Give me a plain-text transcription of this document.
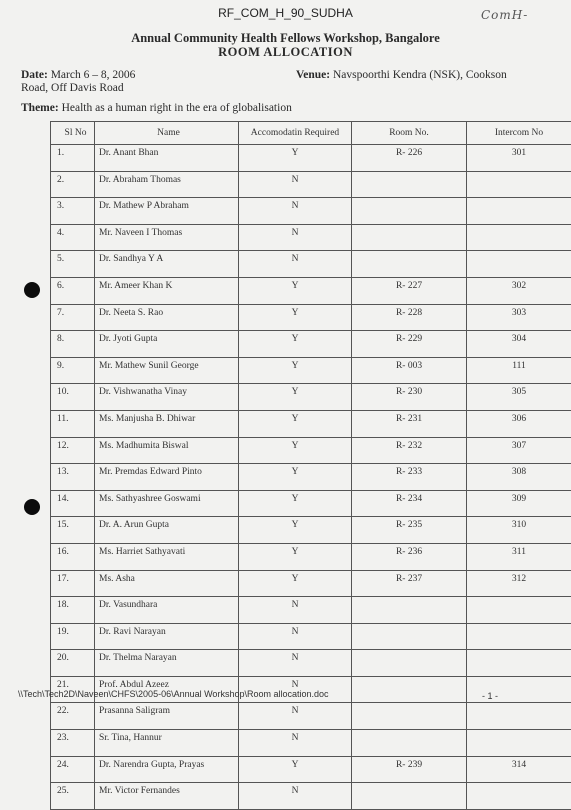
RF_COM_H_90_SUDHA	ComH-
Annual Community Health Fellows Workshop, Bangalore
ROOM ALLOCATION
Date: March 6 – 8, 2006
Road, Off Davis Road
Venue: Navspoorthi Kendra (NSK), Cookson
Theme: Health as a human right in the era of globalisation
Sl No	Name	Accomodatin Required	Room No.	Intercom No
1.	Dr. Anant Bhan	Y	R- 226	301
2.	Dr. Abraham Thomas	N		
3.	Dr. Mathew P Abraham	N		
4.	Mr. Naveen I Thomas	N		
5.	Dr. Sandhya Y A	N		
6.	Mr. Ameer Khan K	Y	R- 227	302
7.	Dr. Neeta S. Rao	Y	R- 228	303
8.	Dr. Jyoti Gupta	Y	R- 229	304
9.	Mr. Mathew Sunil George	Y	R- 003	111
10.	Dr. Vishwanatha Vinay	Y	R- 230	305
11.	Ms. Manjusha B. Dhiwar	Y	R- 231	306
12.	Ms. Madhumita Biswal	Y	R- 232	307
13.	Mr. Premdas Edward Pinto	Y	R- 233	308
14.	Ms. Sathyashree Goswami	Y	R- 234	309
15.	Dr. A. Arun Gupta	Y	R- 235	310
16.	Ms. Harriet Sathyavati	Y	R- 236	311
17.	Ms. Asha	Y	R- 237	312
18.	Dr. Vasundhara	N		
19.	Dr. Ravi Narayan	N		
20.	Dr. Thelma Narayan	N		
21.	Prof. Abdul Azeez	N		
22.	Prasanna Saligram	N		
23.	Sr. Tina, Hannur	N		
24.	Dr. Narendra Gupta, Prayas	Y	R- 239	314
25.	Mr. Victor Fernandes	N		
\\Tech\Tech2D\Naveen\CHFS\2005-06\Annual Workshop\Room allocation.doc	- 1 -
